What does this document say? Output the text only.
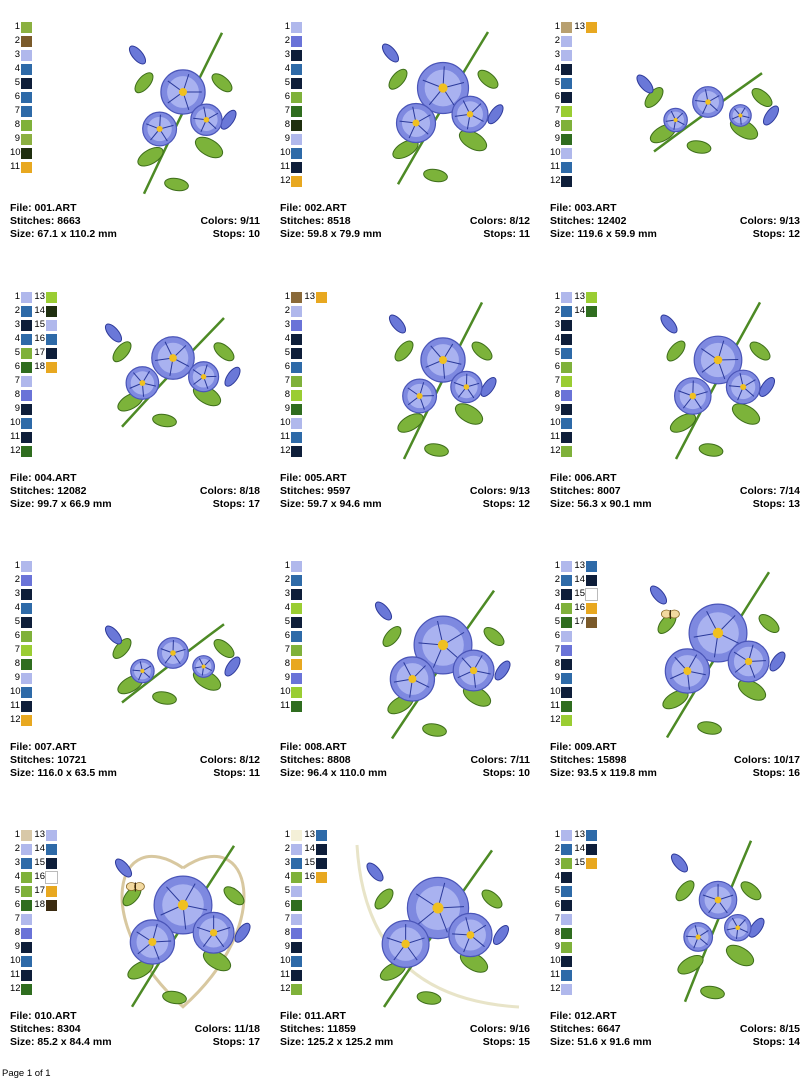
1
2
3
4
5
6
7
8
9
10
11
File: 001.ART
Stitches: 8663	Colors: 9/11
Size: 67.1 x 110.2 mm	Stops: 10
1
2
3
4
5
6
7
8
9
10
11
12
File: 002.ART
Stitches: 8518	Colors: 8/12
Size: 59.8 x 79.9 mm	Stops: 11
1
2
3
4
5
6
7
8
9
10
11
12
13
File: 003.ART
Stitches: 12402	Colors: 9/13
Size: 119.6 x 59.9 mm	Stops: 12
1
2
3
4
5
6
7
8
9
10
11
12
13
14
15
16
17
18
File: 004.ART
Stitches: 12082	Colors: 8/18
Size: 99.7 x 66.9 mm	Stops: 17
1
2
3
4
5
6
7
8
9
10
11
12
13
File: 005.ART
Stitches: 9597	Colors: 9/13
Size: 59.7 x 94.6 mm	Stops: 12
1
2
3
4
5
6
7
8
9
10
11
12
13
14
File: 006.ART
Stitches: 8007	Colors: 7/14
Size: 56.3 x 90.1 mm	Stops: 13
1
2
3
4
5
6
7
8
9
10
11
12
File: 007.ART
Stitches: 10721	Colors: 8/12
Size: 116.0 x 63.5 mm	Stops: 11
1
2
3
4
5
6
7
8
9
10
11
File: 008.ART
Stitches: 8808	Colors: 7/11
Size: 96.4 x 110.0 mm	Stops: 10
1
2
3
4
5
6
7
8
9
10
11
12
13
14
15
16
17
File: 009.ART
Stitches: 15898	Colors: 10/17
Size: 93.5 x 119.8 mm	Stops: 16
1
2
3
4
5
6
7
8
9
10
11
12
13
14
15
16
17
18
File: 010.ART
Stitches: 8304	Colors: 11/18
Size: 85.2 x 84.4 mm	Stops: 17
1
2
3
4
5
6
7
8
9
10
11
12
13
14
15
16
File: 011.ART
Stitches: 11859	Colors: 9/16
Size: 125.2 x 125.2 mm	Stops: 15
1
2
3
4
5
6
7
8
9
10
11
12
13
14
15
File: 012.ART
Stitches: 6647	Colors: 8/15
Size: 51.6 x 91.6 mm	Stops: 14
Page 1 of 1
